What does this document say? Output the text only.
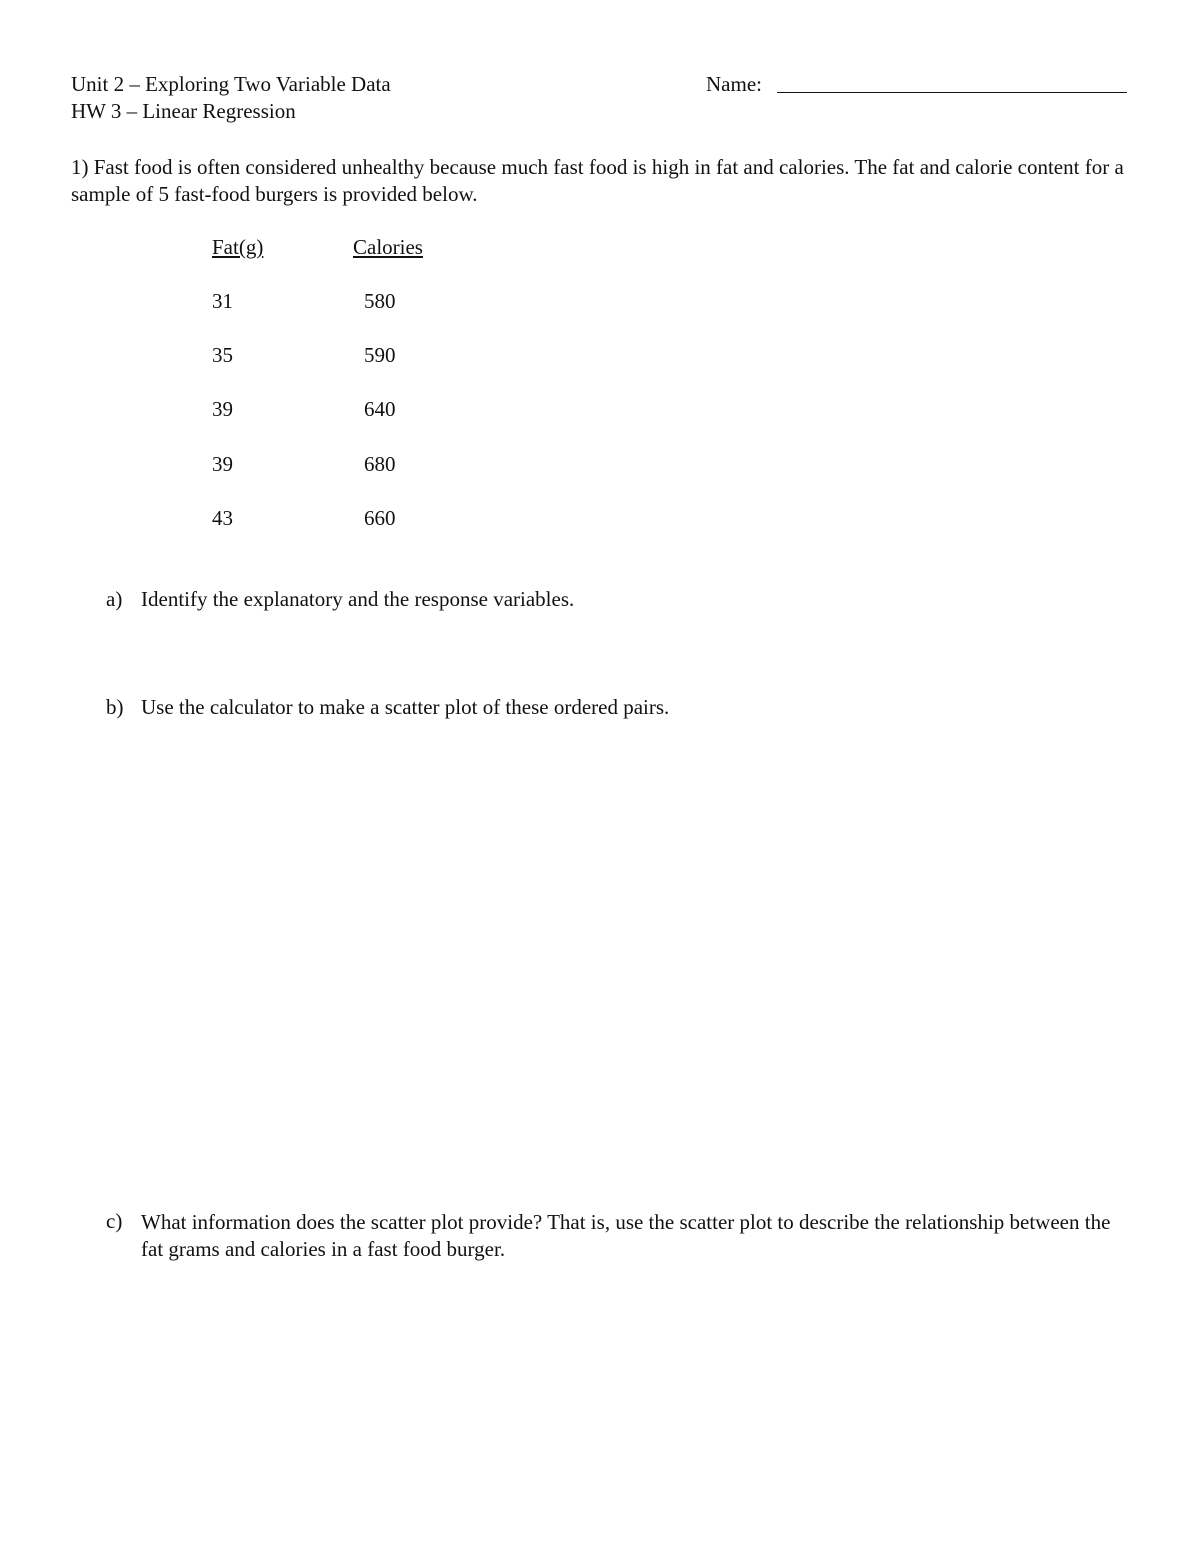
Unit 2 – Exploring Two Variable Data
HW 3 – Linear Regression
Name:
1) Fast food is often considered unhealthy because much fast food is high in fat and calories. The fat and calorie content for a sample of 5 fast-food burgers is provided below.
Fat(g)	Calories
31	580
35	590
39	640
39	680
43	660
a) Identify the explanatory and the response variables.
b) Use the calculator to make a scatter plot of these ordered pairs.
c) What information does the scatter plot provide? That is, use the scatter plot to describe the relationship between the fat grams and calories in a fast food burger.
